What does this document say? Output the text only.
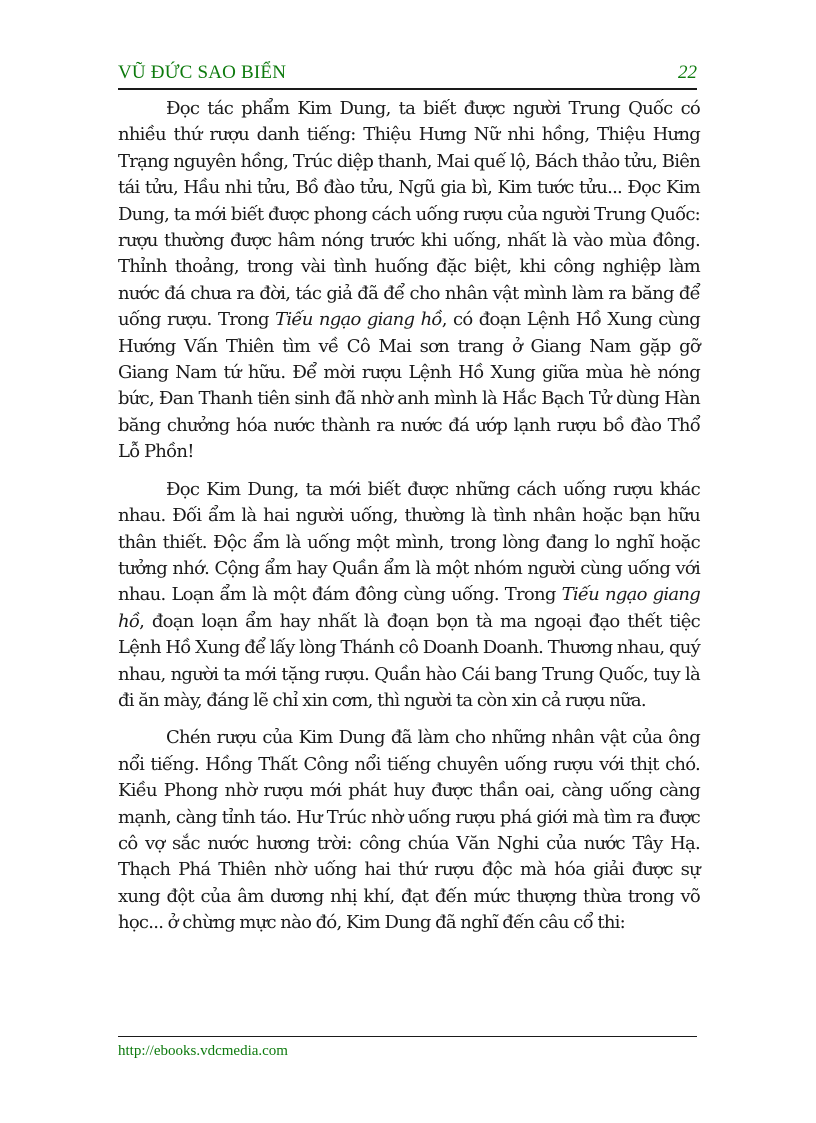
VŨ ĐỨC SAO BIỂN	22

Đọc tác phẩm Kim Dung, ta biết được người Trung Quốc có nhiều thứ rượu danh tiếng: Thiệu Hưng Nữ nhi hồng, Thiệu Hưng Trạng nguyên hồng, Trúc diệp thanh, Mai quế lộ, Bách thảo tửu, Biên tái tửu, Hầu nhi tửu, Bồ đào tửu, Ngũ gia bì, Kim tước tửu... Đọc Kim Dung, ta mới biết được phong cách uống rượu của người Trung Quốc: rượu thường được hâm nóng trước khi uống, nhất là vào mùa đông. Thỉnh thoảng, trong vài tình huống đặc biệt, khi công nghiệp làm nước đá chưa ra đời, tác giả đã để cho nhân vật mình làm ra băng để uống rượu. Trong Tiếu ngạo giang hồ, có đoạn Lệnh Hồ Xung cùng Hướng Vấn Thiên tìm về Cô Mai sơn trang ở Giang Nam gặp gỡ Giang Nam tứ hữu. Để mời rượu Lệnh Hồ Xung giữa mùa hè nóng bức, Đan Thanh tiên sinh đã nhờ anh mình là Hắc Bạch Tử dùng Hàn băng chưởng hóa nước thành ra nước đá ướp lạnh rượu bồ đào Thổ Lỗ Phồn!

Đọc Kim Dung, ta mới biết được những cách uống rượu khác nhau. Đối ẩm là hai người uống, thường là tình nhân hoặc bạn hữu thân thiết. Độc ẩm là uống một mình, trong lòng đang lo nghĩ hoặc tưởng nhớ. Cộng ẩm hay Quần ẩm là một nhóm người cùng uống với nhau. Loạn ẩm là một đám đông cùng uống. Trong Tiếu ngạo giang hồ, đoạn loạn ẩm hay nhất là đoạn bọn tà ma ngoại đạo thết tiệc Lệnh Hồ Xung để lấy lòng Thánh cô Doanh Doanh. Thương nhau, quý nhau, người ta mới tặng rượu. Quần hào Cái bang Trung Quốc, tuy là đi ăn mày, đáng lẽ chỉ xin cơm, thì người ta còn xin cả rượu nữa.

Chén rượu của Kim Dung đã làm cho những nhân vật của ông nổi tiếng. Hồng Thất Công nổi tiếng chuyên uống rượu với thịt chó. Kiều Phong nhờ rượu mới phát huy được thần oai, càng uống càng mạnh, càng tỉnh táo. Hư Trúc nhờ uống rượu phá giới mà tìm ra được cô vợ sắc nước hương trời: công chúa Văn Nghi của nước Tây Hạ. Thạch Phá Thiên nhờ uống hai thứ rượu độc mà hóa giải được sự xung đột của âm dương nhị khí, đạt đến mức thượng thừa trong võ học... ở chừng mực nào đó, Kim Dung đã nghĩ đến câu cổ thi:

http://ebooks.vdcmedia.com
